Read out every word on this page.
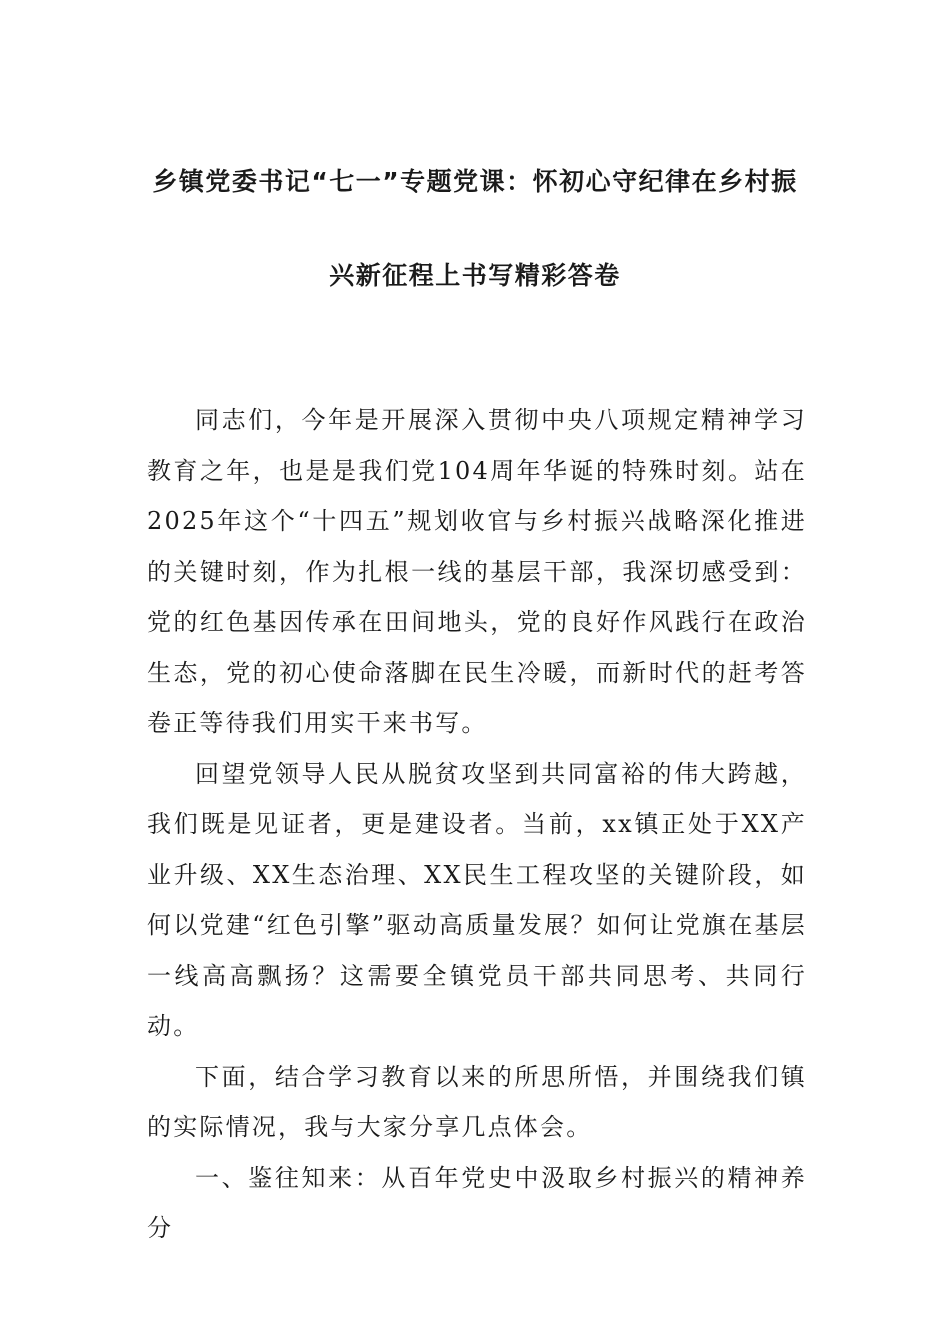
乡镇党委书记“七一”专题党课：怀初心守纪律在乡村振
兴新征程上书写精彩答卷

同志们，今年是开展深入贯彻中央八项规定精神学习教育之年，也是是我们党104周年华诞的特殊时刻。站在2025年这个“十四五”规划收官与乡村振兴战略深化推进的关键时刻，作为扎根一线的基层干部，我深切感受到：党的红色基因传承在田间地头，党的良好作风践行在政治生态，党的初心使命落脚在民生冷暖，而新时代的赶考答卷正等待我们用实干来书写。

回望党领导人民从脱贫攻坚到共同富裕的伟大跨越，我们既是见证者，更是建设者。当前，xx镇正处于XX产业升级、XX生态治理、XX民生工程攻坚的关键阶段，如何以党建“红色引擎”驱动高质量发展？如何让党旗在基层一线高高飘扬？这需要全镇党员干部共同思考、共同行动。

下面，结合学习教育以来的所思所悟，并围绕我们镇的实际情况，我与大家分享几点体会。

一、鉴往知来：从百年党史中汲取乡村振兴的精神养分
